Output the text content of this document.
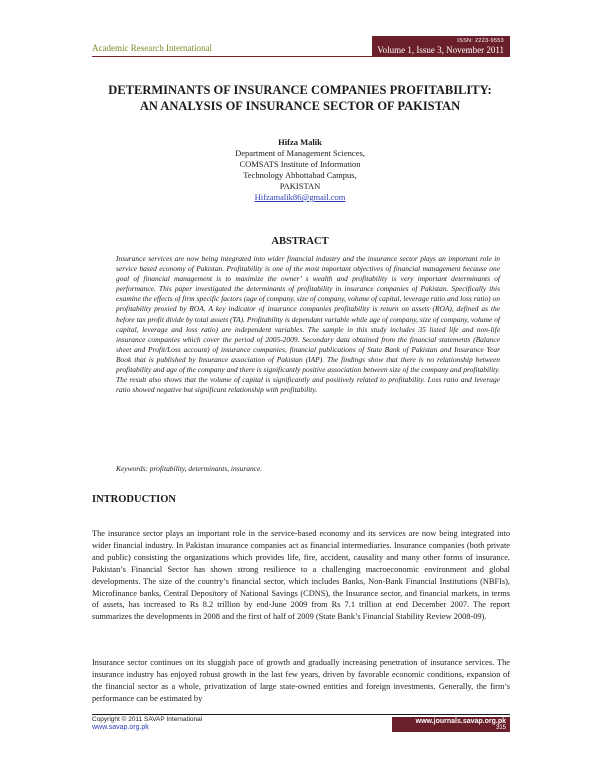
Academic Research International
ISSN: 2223-9553
Volume 1, Issue 3, November 2011
DETERMINANTS OF INSURANCE COMPANIES PROFITABILITY:
AN ANALYSIS OF INSURANCE SECTOR OF PAKISTAN
Hifza Malik
Department of Management Sciences,
COMSATS Institute of Information
Technology Abbottabad Campus,
PAKISTAN
Hifzamalik86@gmail.com
ABSTRACT

Insurance services are now being integrated into wider financial industry and the insurance sector plays an important role in service based economy of Pakistan. Profitability is one of the most important objectives of financial management because one goal of financial management is to maximize the owner’ s wealth and profitability is very important determinants of performance. This paper investigated the determinants of profitability in insurance companies of Pakistan. Specifically this examine the effects of firm specific factors (age of company, size of company, volume of capital, leverage ratio and loss ratio) on profitability proxied by ROA. A key indicator of insurance companies profitability is return on assets (ROA), defined as the before tax profit divide by total assets (TA). Profitability is dependant variable while age of company, size of company, volume of capital, leverage and loss ratio) are independent variables. The sample in this study includes 35 listed life and non-life insurance companies which cover the period of 2005-2009. Secondary data obtained from the financial statements (Balance sheet and Profit/Loss account) of insurance companies, financial publications of State Bank of Pakistan and Insurance Year Book that is published by Insurance association of Pakistan (IAP). The findings show that there is no relationship between profitability and age of the company and there is significantly positive association between size of the company and profitability. The result also shows that the volume of capital is significantly and positively related to profitability. Loss ratio and leverage ratio showed negative but significant relationship with profitability.

Keywords: profitability, determinants, insurance.

INTRODUCTION

The insurance sector plays an important role in the service-based economy and its services are now being integrated into wider financial industry. In Pakistan insurance companies act as financial intermediaries. Insurance companies (both private and public) consisting the organizations which provides life, fire, accident, causality and many other forms of insurance. Pakistan’s Financial Sector has shown strong resilience to a challenging macroeconomic environment and global developments. The size of the country’s financial sector, which includes Banks, Non-Bank Financial Institutions (NBFIs), Microfinance banks, Central Depository of National Savings (CDNS), the Insurance sector, and financial markets, in terms of assets, has increased to Rs 8.2 trillion by end-June 2009 from Rs 7.1 trillion at end December 2007. The report summarizes the developments in 2008 and the first of half of 2009 (State Bank’s Financial Stability Review 2008-09).

Insurance sector continues on its sluggish pace of growth and gradually increasing penetration of insurance services. The insurance industry has enjoyed robust growth in the last few years, driven by favorable economic conditions, expansion of the financial sector as a whole, privatization of large state-owned entities and foreign investments. Generally, the firm’s performance can be estimated by

Copyright © 2011 SAVAP International
www.savap.org.pk
www.journals.savap.org.pk
315
